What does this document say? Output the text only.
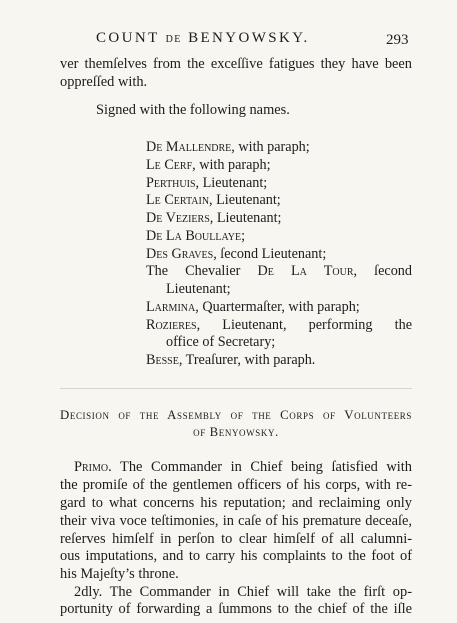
COUNT DE BENYOWSKY.	293
ver themſelves from the exceſſive fatigues they have been
oppreſſed with.
Signed with the following names.
De Mallendre, with paraph;
Le Cerf, with paraph;
Perthuis, Lieutenant;
Le Certain, Lieutenant;
De Veziers, Lieutenant;
De La Boullaye;
Des Graves, ſecond Lieutenant;
The Chevalier De La Tour, ſecond
Lieutenant;
Larmina, Quartermaſter, with paraph;
Rozieres, Lieutenant, performing the
office of Secretary;
Besse, Treaſurer, with paraph.
Decision of the Assembly of the Corps of Volunteers
of Benyowsky.
Primo. The Commander in Chief being ſatisfied with
the promiſe of the gentlemen officers of his corps, with re-
gard to what concerns his reputation; and reclaiming only
their viva voce teſtimonies, in caſe of his premature deceaſe,
reſerves himſelf in perſon to clear himſelf of all calumni-
ous imputations, and to carry his complaints to the foot of
his Majeſty’s throne.
2dly. The Commander in Chief will take the firſt op-
portunity of forwarding a ſummons to the chief of the iſle
